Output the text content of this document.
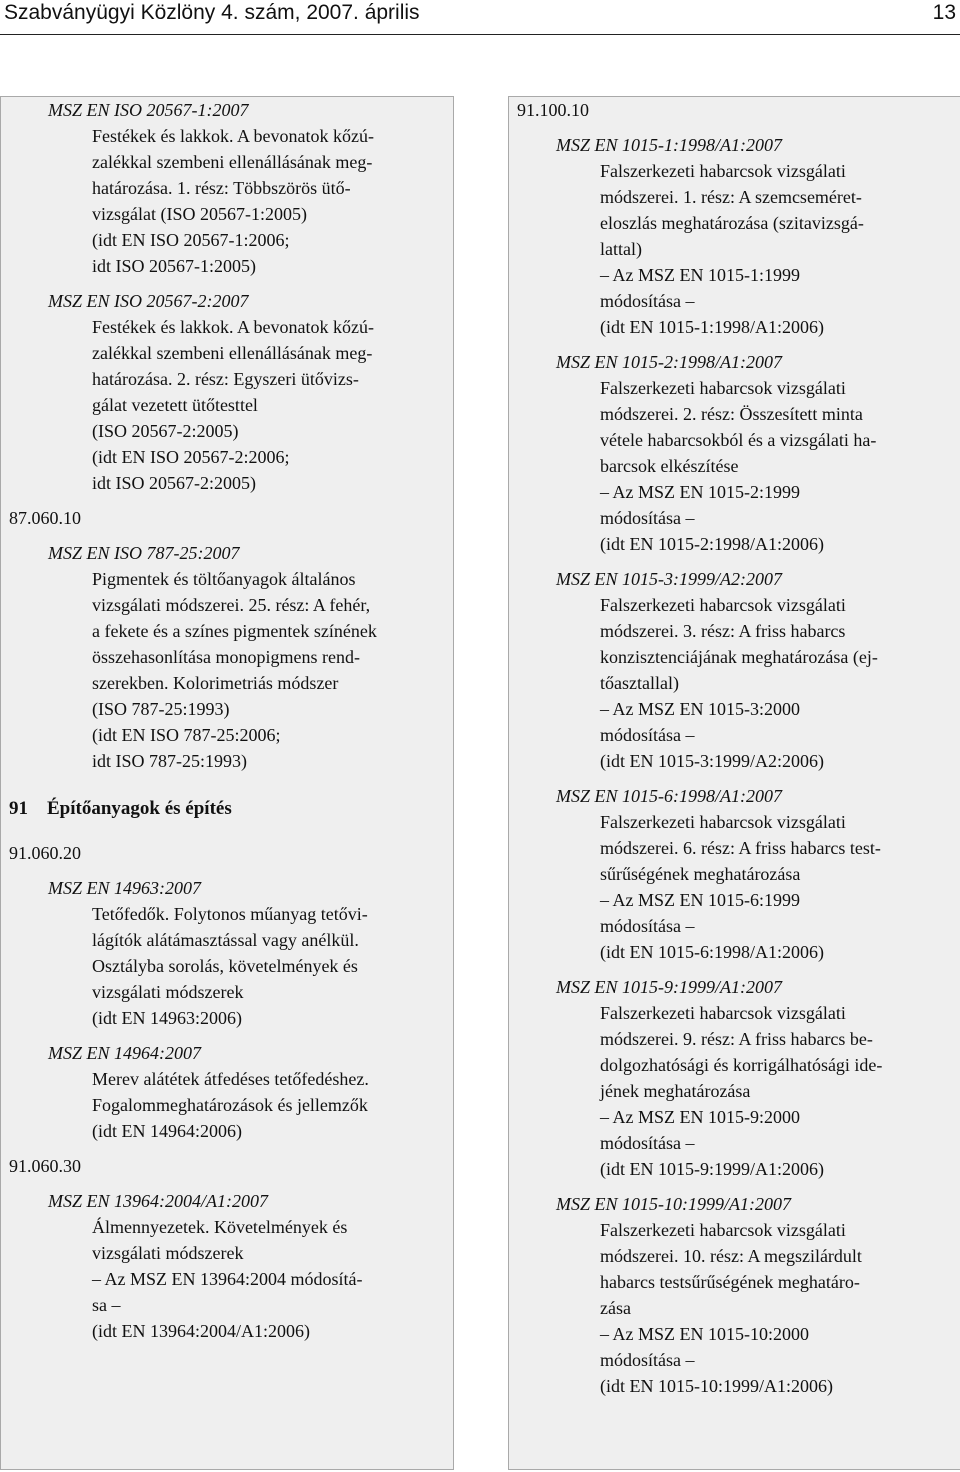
Szabványügyi Közlöny 4. szám, 2007. április	13
MSZ EN ISO 20567-1:2007
Festékek és lakkok. A bevonatok kőzú-
zalékkal szembeni ellenállásának meg-
határozása. 1. rész: Többszörös ütő-
vizsgálat (ISO 20567-1:2005)
(idt EN ISO 20567-1:2006;
idt ISO 20567-1:2005)
MSZ EN ISO 20567-2:2007
Festékek és lakkok. A bevonatok kőzú-
zalékkal szembeni ellenállásának meg-
határozása. 2. rész: Egyszeri ütővizs-
gálat vezetett ütőtesttel
(ISO 20567-2:2005)
(idt EN ISO 20567-2:2006;
idt ISO 20567-2:2005)
87.060.10
MSZ EN ISO 787-25:2007
Pigmentek és töltőanyagok általános
vizsgálati módszerei. 25. rész: A fehér,
a fekete és a színes pigmentek színének
összehasonlítása monopigmens rend-
szerekben. Kolorimetriás módszer
(ISO 787-25:1993)
(idt EN ISO 787-25:2006;
idt ISO 787-25:1993)
91 Építőanyagok és építés
91.060.20
MSZ EN 14963:2007
Tetőfedők. Folytonos műanyag tetővi-
lágítók alátámasztással vagy anélkül.
Osztályba sorolás, követelmények és
vizsgálati módszerek
(idt EN 14963:2006)
MSZ EN 14964:2007
Merev alátétek átfedéses tetőfedéshez.
Fogalommeghatározások és jellemzők
(idt EN 14964:2006)
91.060.30
MSZ EN 13964:2004/A1:2007
Álmennyezetek. Követelmények és
vizsgálati módszerek
– Az MSZ EN 13964:2004 módosítá-
sa –
(idt EN 13964:2004/A1:2006)
91.100.10
MSZ EN 1015-1:1998/A1:2007
Falszerkezeti habarcsok vizsgálati
módszerei. 1. rész: A szemcseméret-
eloszlás meghatározása (szitavizsgá-
lattal)
– Az MSZ EN 1015-1:1999
módosítása –
(idt EN 1015-1:1998/A1:2006)
MSZ EN 1015-2:1998/A1:2007
Falszerkezeti habarcsok vizsgálati
módszerei. 2. rész: Összesített minta
vétele habarcsokból és a vizsgálati ha-
barcsok elkészítése
– Az MSZ EN 1015-2:1999
módosítása –
(idt EN 1015-2:1998/A1:2006)
MSZ EN 1015-3:1999/A2:2007
Falszerkezeti habarcsok vizsgálati
módszerei. 3. rész: A friss habarcs
konzisztenciájának meghatározása (ej-
tőasztallal)
– Az MSZ EN 1015-3:2000
módosítása –
(idt EN 1015-3:1999/A2:2006)
MSZ EN 1015-6:1998/A1:2007
Falszerkezeti habarcsok vizsgálati
módszerei. 6. rész: A friss habarcs test-
sűrűségének meghatározása
– Az MSZ EN 1015-6:1999
módosítása –
(idt EN 1015-6:1998/A1:2006)
MSZ EN 1015-9:1999/A1:2007
Falszerkezeti habarcsok vizsgálati
módszerei. 9. rész: A friss habarcs be-
dolgozhatósági és korrigálhatósági ide-
jének meghatározása
– Az MSZ EN 1015-9:2000
módosítása –
(idt EN 1015-9:1999/A1:2006)
MSZ EN 1015-10:1999/A1:2007
Falszerkezeti habarcsok vizsgálati
módszerei. 10. rész: A megszilárdult
habarcs testsűrűségének meghatáro-
zása
– Az MSZ EN 1015-10:2000
módosítása –
(idt EN 1015-10:1999/A1:2006)
